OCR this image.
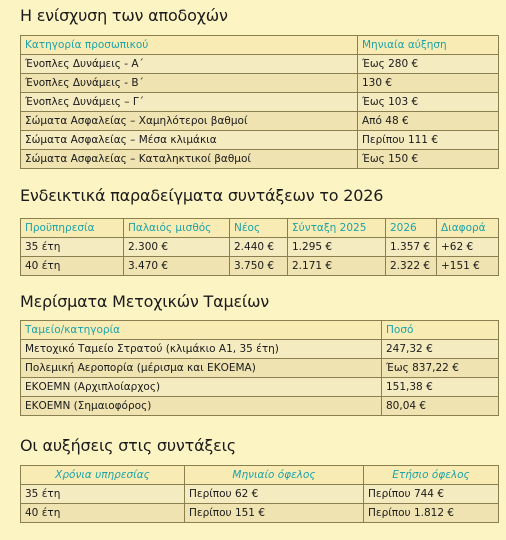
Η ενίσχυση των αποδοχών
Κατηγορία προσωπικού	Μηνιαία αύξηση
Ένοπλες Δυνάμεις - Α΄	Έως 280 €
Ένοπλες Δυνάμεις - Β΄	130 €
Ένοπλες Δυνάμεις – Γ΄	Έως 103 €
Σώματα Ασφαλείας – Χαμηλότεροι βαθμοί	Από 48 €
Σώματα Ασφαλείας – Μέσα κλιμάκια	Περίπου 111 €
Σώματα Ασφαλείας – Καταληκτικοί βαθμοί	Έως 150 €
Ενδεικτικά παραδείγματα συντάξεων το 2026
Προϋπηρεσία	Παλαιός μισθός	Νέος	Σύνταξη 2025	2026	Διαφορά
35 έτη	2.300 €	2.440 €	1.295 €	1.357 €	+62 €
40 έτη	3.470 €	3.750 €	2.171 €	2.322 €	+151 €
Μερίσματα Μετοχικών Ταμείων
Ταμείο/κατηγορία	Ποσό
Μετοχικό Ταμείο Στρατού (κλιμάκιο Α1, 35 έτη)	247,32 €
Πολεμική Αεροπορία (μέρισμα και ΕΚΟΕΜΑ)	Έως 837,22 €
ΕΚΟΕΜΝ (Αρχιπλοίαρχος)	151,38 €
ΕΚΟΕΜΝ (Σημαιοφόρος)	80,04 €
Οι αυξήσεις στις συντάξεις
Χρόνια υπηρεσίας	Μηνιαίο όφελος	Ετήσιο όφελος
35 έτη	Περίπου 62 €	Περίπου 744 €
40 έτη	Περίπου 151 €	Περίπου 1.812 €
